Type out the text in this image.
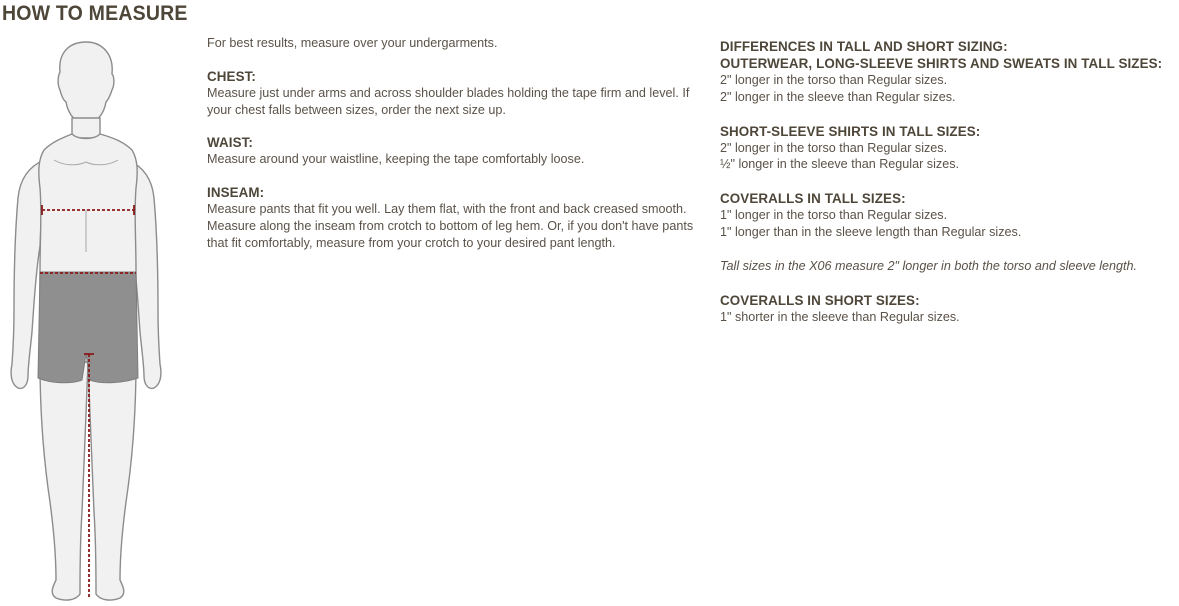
HOW TO MEASURE

For best results, measure over your undergarments.

CHEST:

Measure just under arms and across shoulder blades holding the tape firm and level. If your chest falls between sizes, order the next size up.

WAIST:

Measure around your waistline, keeping the tape comfortably loose.

INSEAM:

Measure pants that fit you well. Lay them flat, with the front and back creased smooth. Measure along the inseam from crotch to bottom of leg hem. Or, if you don't have pants that fit comfortably, measure from your crotch to your desired pant length.

DIFFERENCES IN TALL AND SHORT SIZING:

OUTERWEAR, LONG-SLEEVE SHIRTS AND SWEATS IN TALL SIZES:

2" longer in the torso than Regular sizes.

2" longer in the sleeve than Regular sizes.

SHORT-SLEEVE SHIRTS IN TALL SIZES:

2" longer in the torso than Regular sizes.

½" longer in the sleeve than Regular sizes.

COVERALLS IN TALL SIZES:

1" longer in the torso than Regular sizes.

1" longer than in the sleeve length than Regular sizes.

Tall sizes in the X06 measure 2" longer in both the torso and sleeve length.

COVERALLS IN SHORT SIZES:

1" shorter in the sleeve than Regular sizes.
